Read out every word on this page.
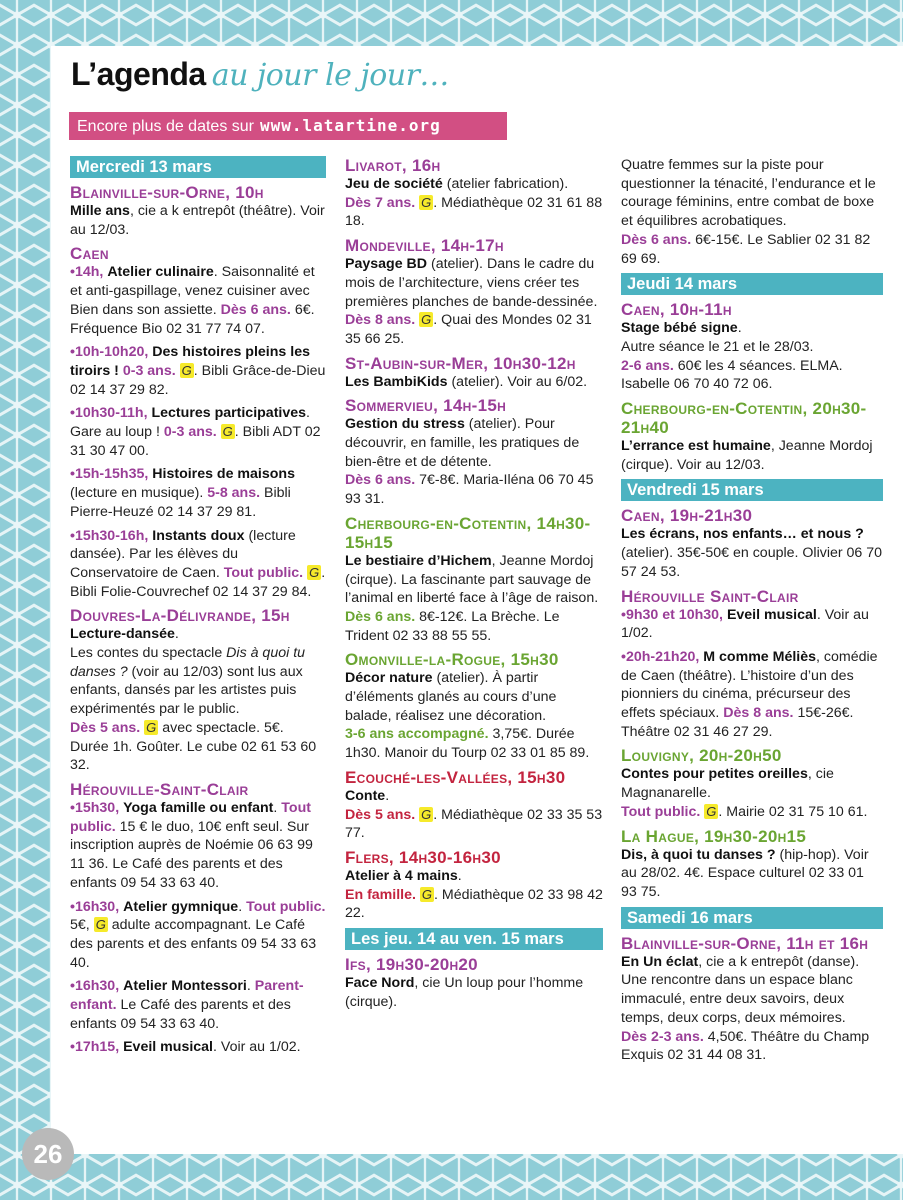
L’agenda au jour le jour…
Encore plus de dates sur www.latartine.org
Mercredi 13 mars
Blainville-sur-Orne, 10h
Mille ans, cie a k entrepôt (théâtre). Voir au 12/03.
Caen
•14h, Atelier culinaire. Saisonnalité et et anti-gaspillage, venez cuisiner avec Bien dans son assiette. Dès 6 ans. 6€. Fréquence Bio 02 31 77 74 07.
•10h-10h20, Des histoires pleins les tiroirs ! 0-3 ans. G . Bibli Grâce-de-Dieu 02 14 37 29 82.
•10h30-11h, Lectures participatives. Gare au loup ! 0-3 ans. G . Bibli ADT 02 31 30 47 00.
•15h-15h35, Histoires de maisons (lecture en musique). 5-8 ans. Bibli Pierre-Heuzé 02 14 37 29 81.
•15h30-16h, Instants doux (lecture dansée). Par les élèves du Conservatoire de Caen. Tout public. G . Bibli Folie-Couvrechef 02 14 37 29 84.
Douvres-La-Délivrande, 15h
Lecture-dansée.
Les contes du spectacle Dis à quoi tu danses ? (voir au 12/03) sont lus aux enfants, dansés par les artistes puis expérimentés par le public.
Dès 5 ans. G avec spectacle. 5€. Durée 1h. Goûter. Le cube 02 61 53 60 32.
Hérouville-Saint-Clair
•15h30, Yoga famille ou enfant. Tout public. 15 € le duo, 10€ enft seul. Sur inscription auprès de Noémie 06 63 99 11 36. Le Café des parents et des enfants 09 54 33 63 40.
•16h30, Atelier gymnique. Tout public. 5€, G adulte accompagnant. Le Café des parents et des enfants 09 54 33 63 40.
•16h30, Atelier Montessori. Parent-enfant. Le Café des parents et des enfants 09 54 33 63 40.
•17h15, Eveil musical. Voir au 1/02.
Livarot, 16h
Jeu de société (atelier fabrication).
Dès 7 ans. G . Médiathèque 02 31 61 88 18.
Mondeville, 14h-17h
Paysage BD (atelier). Dans le cadre du mois de l’architecture, viens créer tes premières planches de bande-dessinée.
Dès 8 ans. G . Quai des Mondes 02 31 35 66 25.
St-Aubin-sur-Mer, 10h30-12h
Les BambiKids (atelier). Voir au 6/02.
Sommervieu, 14h-15h
Gestion du stress (atelier). Pour découvrir, en famille, les pratiques de bien-être et de détente.
Dès 6 ans. 7€-8€. Maria-Iléna 06 70 45 93 31.
Cherbourg-en-Cotentin, 14h30-15h15
Le bestiaire d’Hichem, Jeanne Mordoj (cirque). La fascinante part sauvage de l’animal en liberté face à l’âge de raison.
Dès 6 ans. 8€-12€. La Brèche. Le Trident 02 33 88 55 55.
Omonville-la-Rogue, 15h30
Décor nature (atelier). À partir d’éléments glanés au cours d’une balade, réalisez une décoration.
3-6 ans accompagné. 3,75€. Durée 1h30. Manoir du Tourp 02 33 01 85 89.
Ecouché-les-Vallées, 15h30
Conte.
Dès 5 ans. G . Médiathèque 02 33 35 53 77.
Flers, 14h30-16h30
Atelier à 4 mains.
En famille. G . Médiathèque 02 33 98 42 22.
Les jeu. 14 au ven. 15 mars
Ifs, 19h30-20h20
Face Nord, cie Un loup pour l’homme (cirque).
Quatre femmes sur la piste pour questionner la ténacité, l’endurance et le courage féminins, entre combat de boxe et équilibres acrobatiques.
Dès 6 ans. 6€-15€. Le Sablier 02 31 82 69 69.
Jeudi 14 mars
Caen, 10h-11h
Stage bébé signe.
Autre séance le 21 et le 28/03.
2-6 ans. 60€ les 4 séances. ELMA. Isabelle 06 70 40 72 06.
Cherbourg-en-Cotentin, 20h30-21h40
L’errance est humaine, Jeanne Mordoj (cirque). Voir au 12/03.
Vendredi 15 mars
Caen, 19h-21h30
Les écrans, nos enfants… et nous ? (atelier). 35€-50€ en couple. Olivier 06 70 57 24 53.
Hérouville Saint-Clair
•9h30 et 10h30, Eveil musical. Voir au 1/02.
•20h-21h20, M comme Méliès, comédie de Caen (théâtre). L’histoire d’un des pionniers du cinéma, précurseur des effets spéciaux. Dès 8 ans. 15€-26€. Théâtre 02 31 46 27 29.
Louvigny, 20h-20h50
Contes pour petites oreilles, cie Magnanarelle.
Tout public. G . Mairie 02 31 75 10 61.
La Hague, 19h30-20h15
Dis, à quoi tu danses ? (hip-hop). Voir au 28/02. 4€. Espace culturel 02 33 01 93 75.
Samedi 16 mars
Blainville-sur-Orne, 11h et 16h
En Un éclat, cie a k entrepôt (danse). Une rencontre dans un espace blanc immaculé, entre deux savoirs, deux temps, deux corps, deux mémoires.
Dès 2-3 ans. 4,50€. Théâtre du Champ Exquis 02 31 44 08 31.
26
